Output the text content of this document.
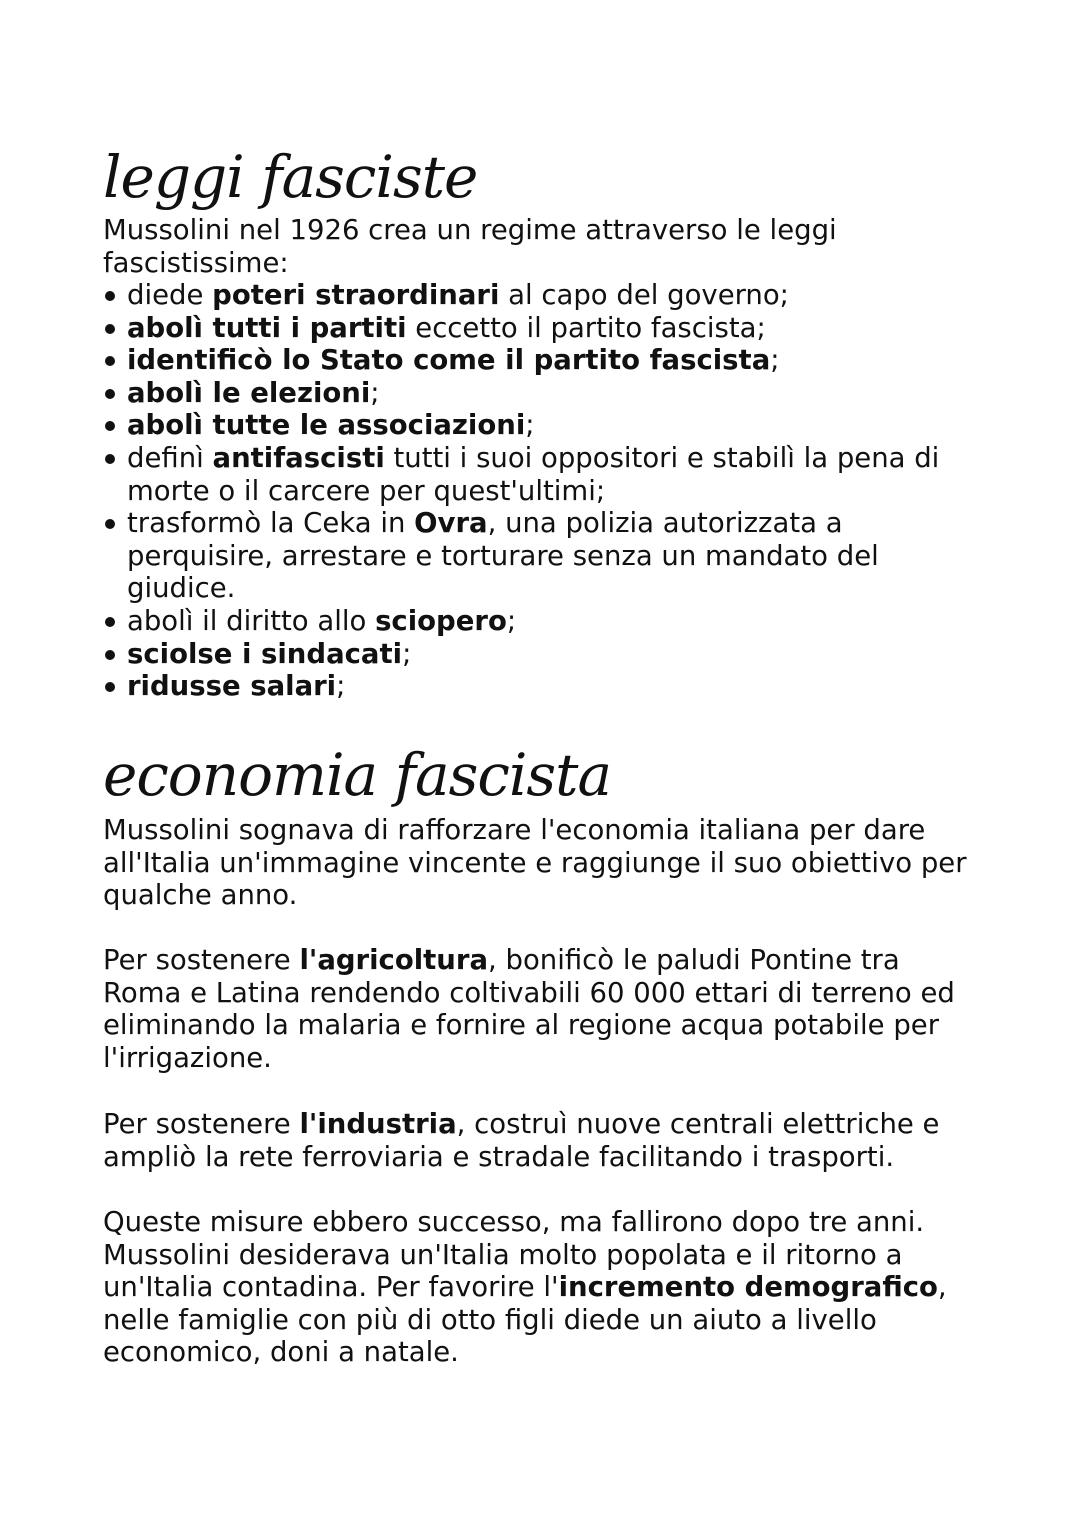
leggi fasciste

Mussolini nel 1926 crea un regime attraverso le leggi fascistissime:

diede poteri straordinari al capo del governo;
abolì tutti i partiti eccetto il partito fascista;
identificò lo Stato come il partito fascista;
abolì le elezioni;
abolì tutte le associazioni;
definì antifascisti tutti i suoi oppositori e stabilì la pena di morte o il carcere per quest'ultimi;
trasformò la Ceka in Ovra, una polizia autorizzata a perquisire, arrestare e torturare senza un mandato del giudice.
abolì il diritto allo sciopero;
sciolse i sindacati;
ridusse salari;
economia fascista

Mussolini sognava di rafforzare l'economia italiana per dare all'Italia un'immagine vincente e raggiunge il suo obiettivo per qualche anno.

Per sostenere l'agricoltura, bonificò le paludi Pontine tra Roma e Latina rendendo coltivabili 60 000 ettari di terreno ed eliminando la malaria e fornire al regione acqua potabile per l'irrigazione.

Per sostenere l'industria, costruì nuove centrali elettriche e ampliò la rete ferroviaria e stradale facilitando i trasporti.

Queste misure ebbero successo, ma fallirono dopo tre anni. Mussolini desiderava un'Italia molto popolata e il ritorno a un'Italia contadina. Per favorire l'incremento demografico, nelle famiglie con più di otto figli diede un aiuto a livello economico, doni a natale.
